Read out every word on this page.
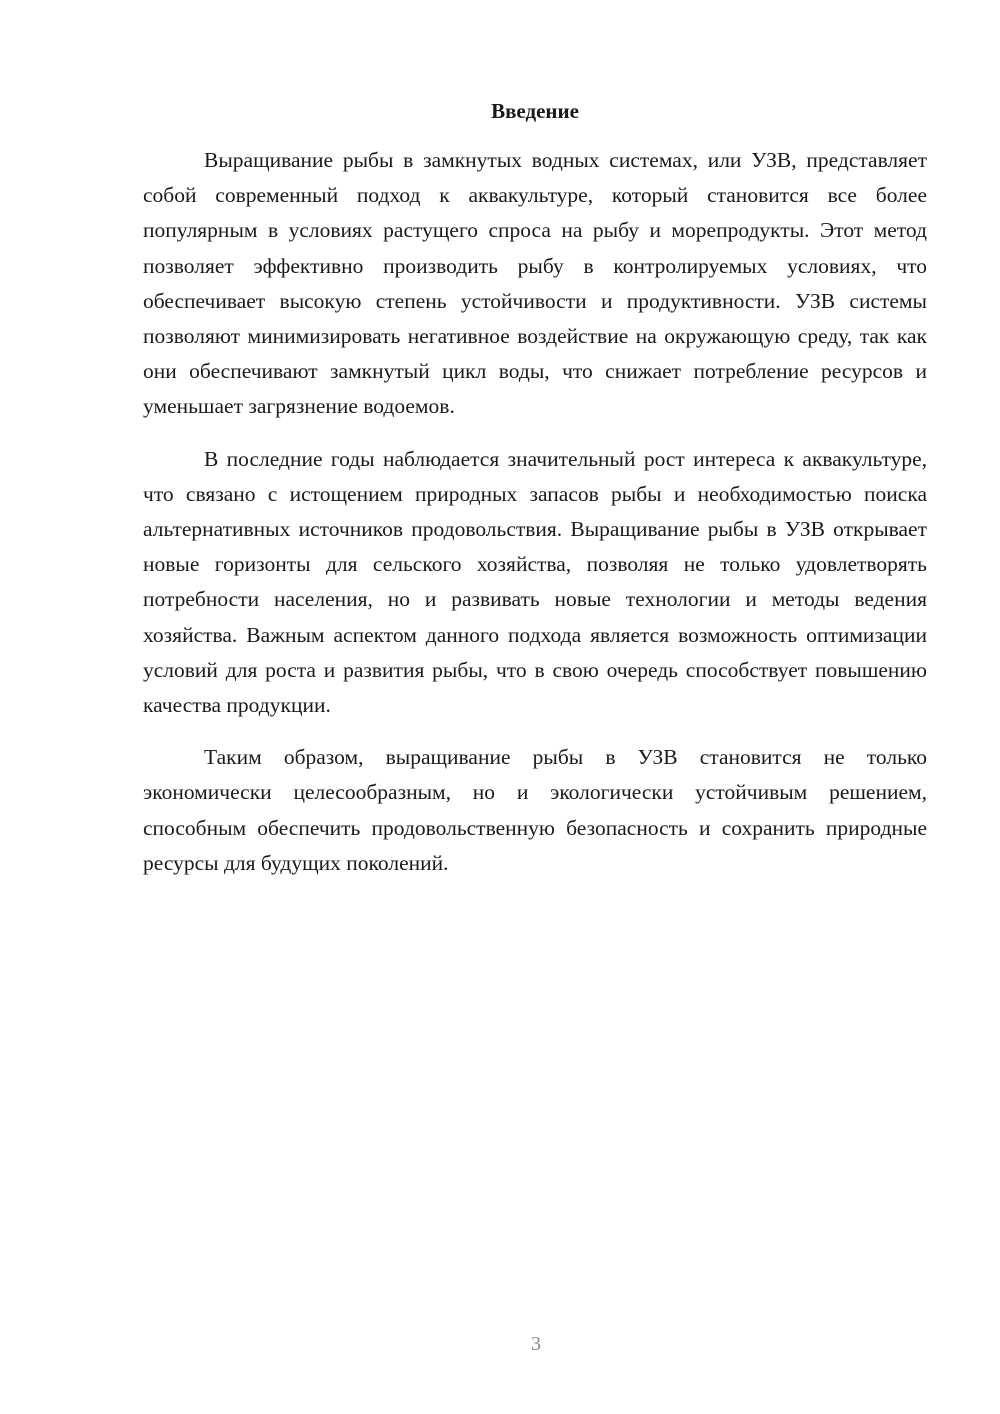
Введение

Выращивание рыбы в замкнутых водных системах, или УЗВ, представляет собой современный подход к аквакультуре, который становится все более популярным в условиях растущего спроса на рыбу и морепродукты. Этот метод позволяет эффективно производить рыбу в контролируемых условиях, что обеспечивает высокую степень устойчивости и продуктивности. УЗВ системы позволяют минимизировать негативное воздействие на окружающую среду, так как они обеспечивают замкнутый цикл воды, что снижает потребление ресурсов и уменьшает загрязнение водоемов.

В последние годы наблюдается значительный рост интереса к аквакультуре, что связано с истощением природных запасов рыбы и необходимостью поиска альтернативных источников продовольствия. Выращивание рыбы в УЗВ открывает новые горизонты для сельского хозяйства, позволяя не только удовлетворять потребности населения, но и развивать новые технологии и методы ведения хозяйства. Важным аспектом данного подхода является возможность оптимизации условий для роста и развития рыбы, что в свою очередь способствует повышению качества продукции.

Таким образом, выращивание рыбы в УЗВ становится не только экономически целесообразным, но и экологически устойчивым решением, способным обеспечить продовольственную безопасность и сохранить природные ресурсы для будущих поколений.

3
